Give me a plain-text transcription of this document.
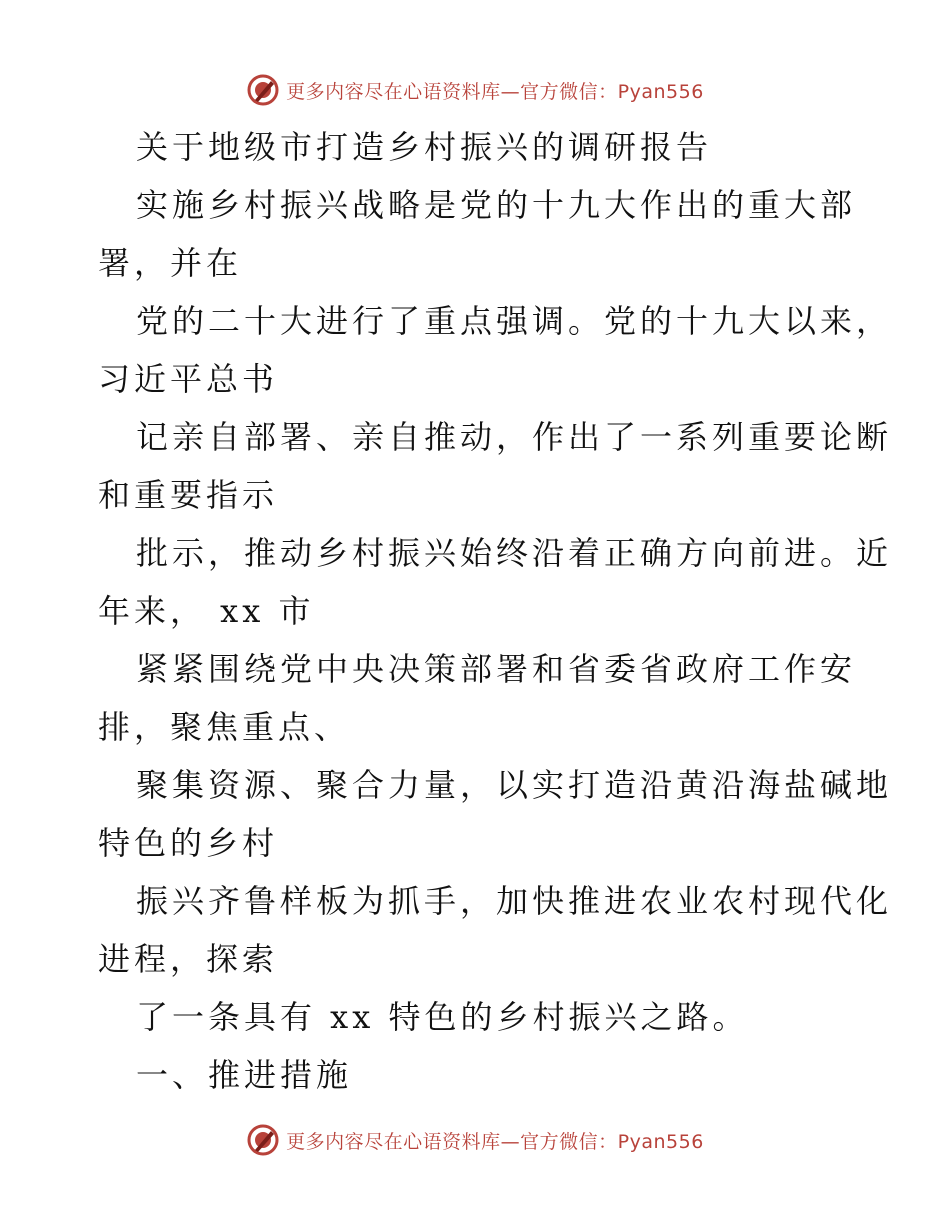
更多内容尽在心语资料库—官方微信：Pyan556
关于地级市打造乡村振兴的调研报告
实施乡村振兴战略是党的十九大作出的重大部
署，并在
党的二十大进行了重点强调。党的十九大以来，
习近平总书
记亲自部署、亲自推动，作出了一系列重要论断
和重要指示
批示，推动乡村振兴始终沿着正确方向前进。近
年来， xx 市
紧紧围绕党中央决策部署和省委省政府工作安
排，聚焦重点、
聚集资源、聚合力量，以实打造沿黄沿海盐碱地
特色的乡村
振兴齐鲁样板为抓手，加快推进农业农村现代化
进程，探索
了一条具有 xx 特色的乡村振兴之路。
一、推进措施
更多内容尽在心语资料库—官方微信：Pyan556
